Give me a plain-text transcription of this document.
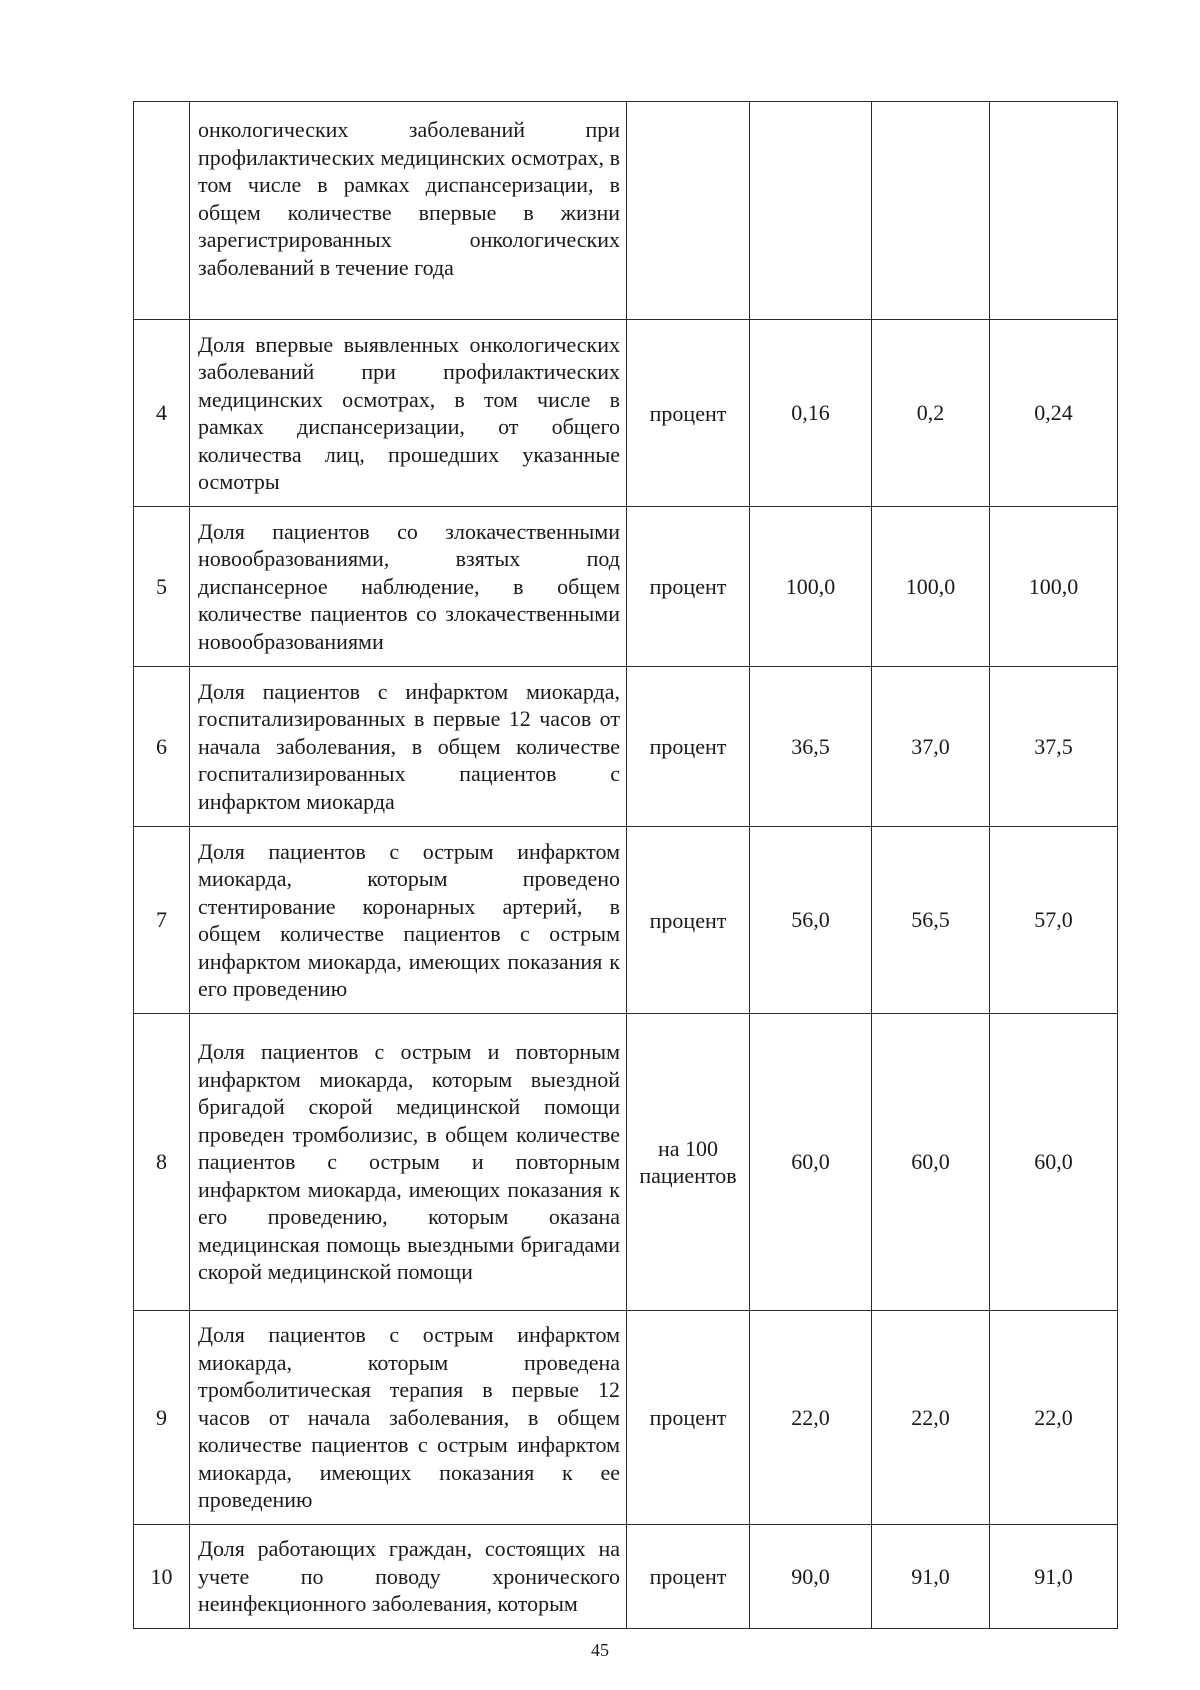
	онкологических заболеваний при профилактических медицинских осмотрах, в том числе в рамках диспансеризации, в общем количестве впервые в жизни зарегистрированных онкологических заболеваний в течение года				
4	Доля впервые выявленных онкологических заболеваний при профилактических медицинских осмотрах, в том числе в рамках диспансеризации, от общего количества лиц, прошедших указанные осмотры	процент	0,16	0,2	0,24
5	Доля пациентов со злокачественными новообразованиями, взятых под диспансерное наблюдение, в общем количестве пациентов со злокачественными новообразованиями	процент	100,0	100,0	100,0
6	Доля пациентов с инфарктом миокарда, госпитализированных в первые 12 часов от начала заболевания, в общем количестве госпитализированных пациентов с инфарктом миокарда	процент	36,5	37,0	37,5
7	Доля пациентов с острым инфарктом миокарда, которым проведено стентирование коронарных артерий, в общем количестве пациентов с острым инфарктом миокарда, имеющих показания к его проведению	процент	56,0	56,5	57,0
8	Доля пациентов с острым и повторным инфарктом миокарда, которым выездной бригадой скорой медицинской помощи проведен тромболизис, в общем количестве пациентов с острым и повторным инфарктом миокарда, имеющих показания к его проведению, которым оказана медицинская помощь выездными бригадами скорой медицинской помощи	на 100 пациентов	60,0	60,0	60,0
9	Доля пациентов с острым инфарктом миокарда, которым проведена тромболитическая терапия в первые 12 часов от начала заболевания, в общем количестве пациентов с острым инфарктом миокарда, имеющих показания к ее проведению	процент	22,0	22,0	22,0
10	Доля работающих граждан, состоящих на учете по поводу хронического неинфекционного заболевания, которым	процент	90,0	91,0	91,0
45
